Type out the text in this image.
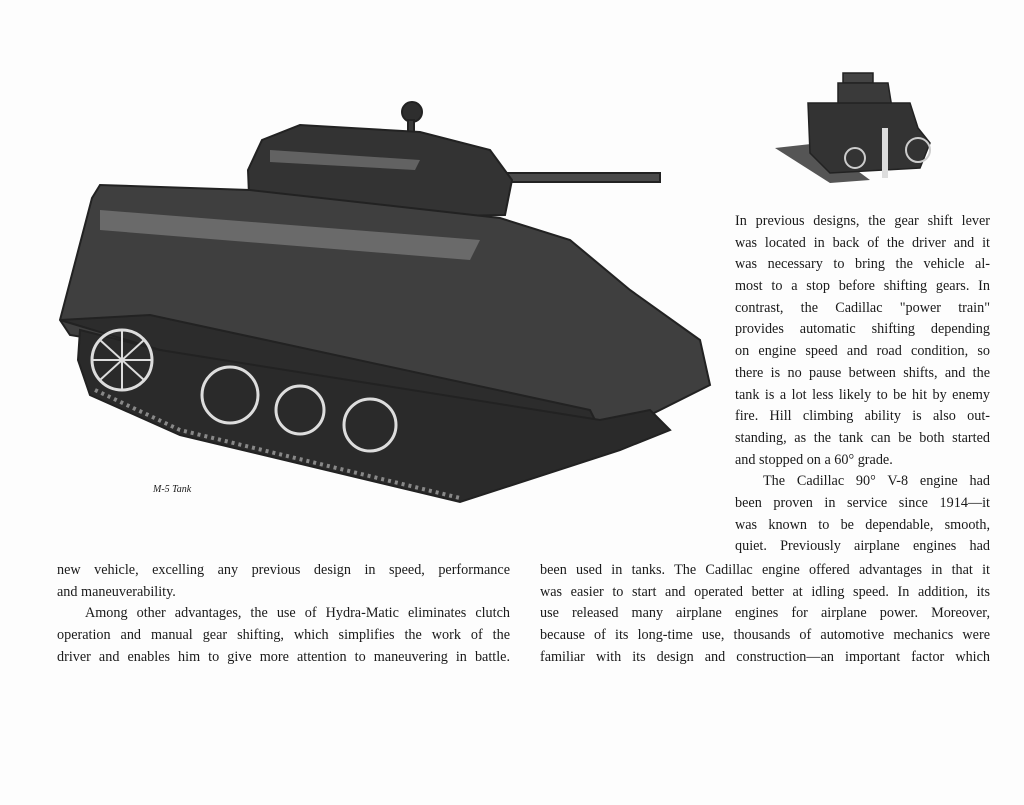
M-5 Tank
In previous designs, the gear shift lever
was located in back of the driver and it
was necessary to bring the vehicle al-
most to a stop before shifting gears. In
contrast, the Cadillac "power train"
provides automatic shifting depending
on engine speed and road condition, so
there is no pause between shifts, and the
tank is a lot less likely to be hit by enemy
fire. Hill climbing ability is also out-
standing, as the tank can be both started
and stopped on a 60° grade.
The Cadillac 90° V-8 engine had
been proven in service since 1914—it
was known to be dependable, smooth,
quiet. Previously airplane engines had
new vehicle, excelling any previous design in speed, performance
and maneuverability.
Among other advantages, the use of Hydra-Matic eliminates clutch
operation and manual gear shifting, which simplifies the work of the
driver and enables him to give more attention to maneuvering in battle.
been used in tanks. The Cadillac engine offered advantages in that it
was easier to start and operated better at idling speed. In addition, its
use released many airplane engines for airplane power. Moreover,
because of its long-time use, thousands of automotive mechanics were
familiar with its design and construction—an important factor which
